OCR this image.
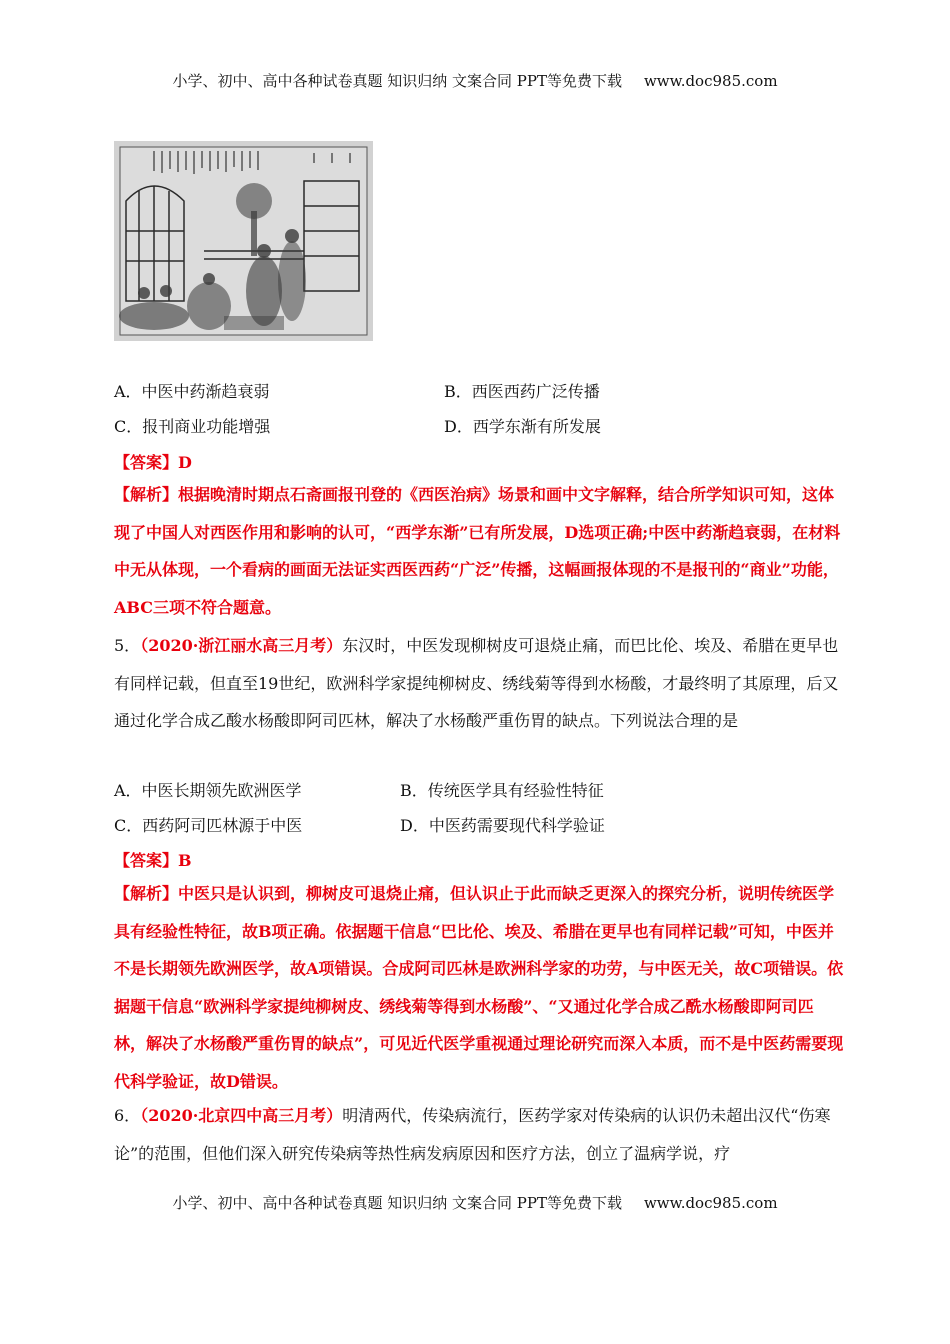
小学、初中、高中各种试卷真题 知识归纳 文案合同 PPT等免费下载 www.doc985.com
A．中医中药渐趋衰弱	B．西医西药广泛传播
C．报刊商业功能增强	D．西学东渐有所发展
【答案】D

【解析】根据晚清时期点石斋画报刊登的《西医治病》场景和画中文字解释，结合所学知识可知，这体现了中国人对西医作用和影响的认可，“西学东渐”已有所发展，D选项正确;中医中药渐趋衰弱，在材料中无从体现，一个看病的画面无法证实西医西药“广泛”传播，这幅画报体现的不是报刊的“商业”功能，ABC三项不符合题意。

5．（2020·浙江丽水高三月考）东汉时，中医发现柳树皮可退烧止痛，而巴比伦、埃及、希腊在更早也有同样记载，但直至19世纪，欧洲科学家提纯柳树皮、绣线菊等得到水杨酸，才最终明了其原理，后又通过化学合成乙酸水杨酸即阿司匹林，解决了水杨酸严重伤胃的缺点。下列说法合理的是

A．中医长期领先欧洲医学	B．传统医学具有经验性特征
C．西药阿司匹林源于中医	D．中医药需要现代科学验证
【答案】B

【解析】中医只是认识到，柳树皮可退烧止痛，但认识止于此而缺乏更深入的探究分析，说明传统医学具有经验性特征，故B项正确。依据题干信息“巴比伦、埃及、希腊在更早也有同样记载”可知，中医并不是长期领先欧洲医学，故A项错误。合成阿司匹林是欧洲科学家的功劳，与中医无关，故C项错误。依据题干信息“欧洲科学家提纯柳树皮、绣线菊等得到水杨酸”、“又通过化学合成乙酰水杨酸即阿司匹林，解决了水杨酸严重伤胃的缺点”，可见近代医学重视通过理论研究而深入本质，而不是中医药需要现代科学验证，故D错误。

6．（2020·北京四中高三月考）明清两代，传染病流行，医药学家对传染病的认识仍未超出汉代“伤寒论”的范围，但他们深入研究传染病等热性病发病原因和医疗方法，创立了温病学说，疗

小学、初中、高中各种试卷真题 知识归纳 文案合同 PPT等免费下载 www.doc985.com
